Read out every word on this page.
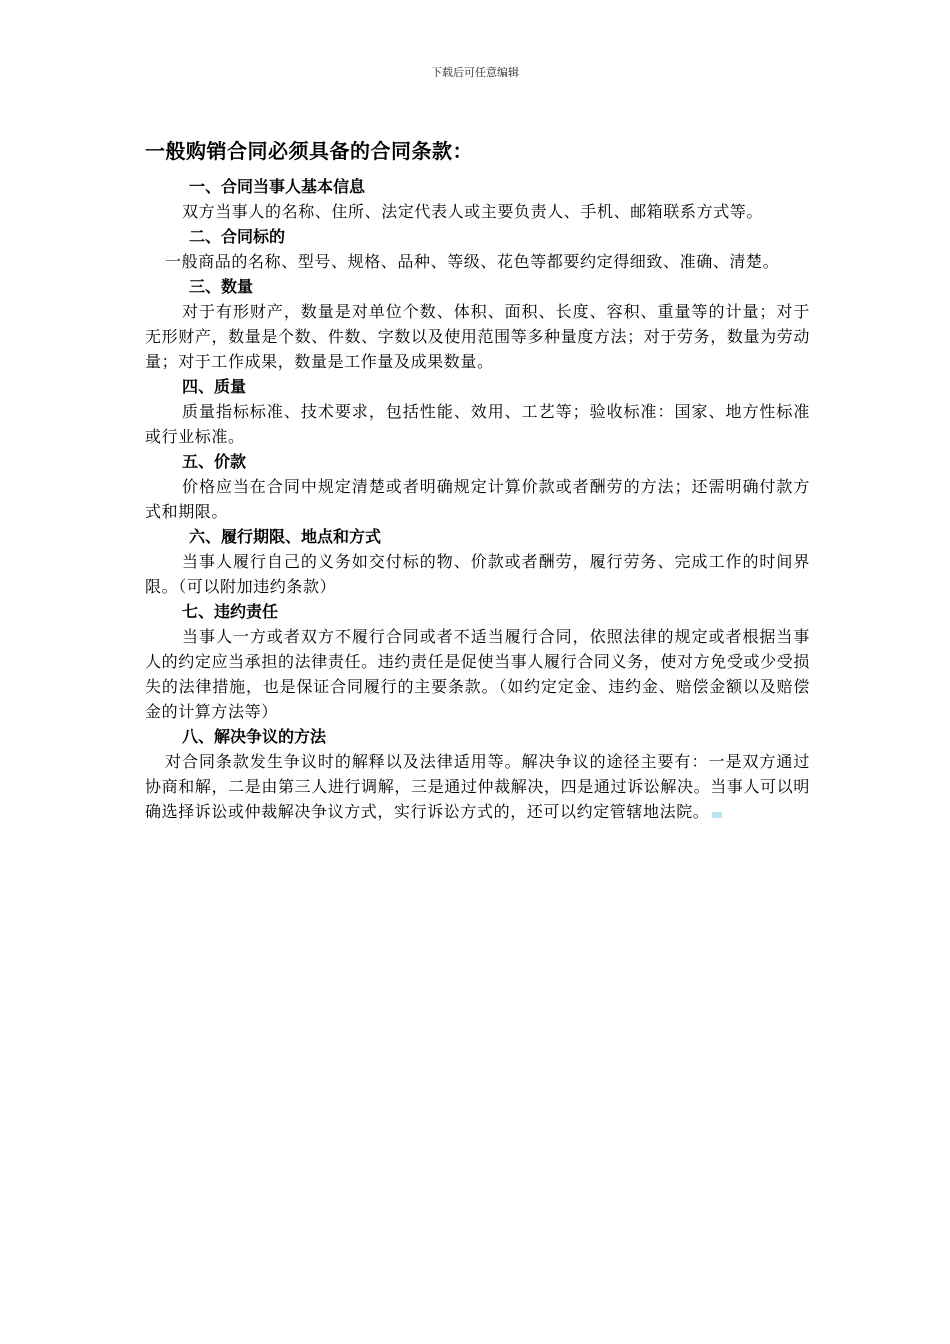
下载后可任意编辑
一般购销合同必须具备的合同条款：
一、合同当事人基本信息

双方当事人的名称、住所、法定代表人或主要负责人、手机、邮箱联系方式等。

二、合同标的

一般商品的名称、型号、规格、品种、等级、花色等都要约定得细致、准确、清楚。

三、数量

对于有形财产，数量是对单位个数、体积、面积、长度、容积、重量等的计量；对于无形财产，数量是个数、件数、字数以及使用范围等多种量度方法；对于劳务，数量为劳动量；对于工作成果，数量是工作量及成果数量。

四、质量

质量指标标准、技术要求，包括性能、效用、工艺等；验收标准：国家、地方性标准或行业标准。

五、价款

价格应当在合同中规定清楚或者明确规定计算价款或者酬劳的方法；还需明确付款方式和期限。

六、履行期限、地点和方式

当事人履行自己的义务如交付标的物、价款或者酬劳，履行劳务、完成工作的时间界限。（可以附加违约条款）

七、违约责任

当事人一方或者双方不履行合同或者不适当履行合同，依照法律的规定或者根据当事人的约定应当承担的法律责任。违约责任是促使当事人履行合同义务，使对方免受或少受损失的法律措施，也是保证合同履行的主要条款。（如约定定金、违约金、赔偿金额以及赔偿金的计算方法等）

八、解决争议的方法

对合同条款发生争议时的解释以及法律适用等。解决争议的途径主要有：一是双方通过协商和解，二是由第三人进行调解，三是通过仲裁解决，四是通过诉讼解决。当事人可以明确选择诉讼或仲裁解决争议方式，实行诉讼方式的，还可以约定管辖地法院。
